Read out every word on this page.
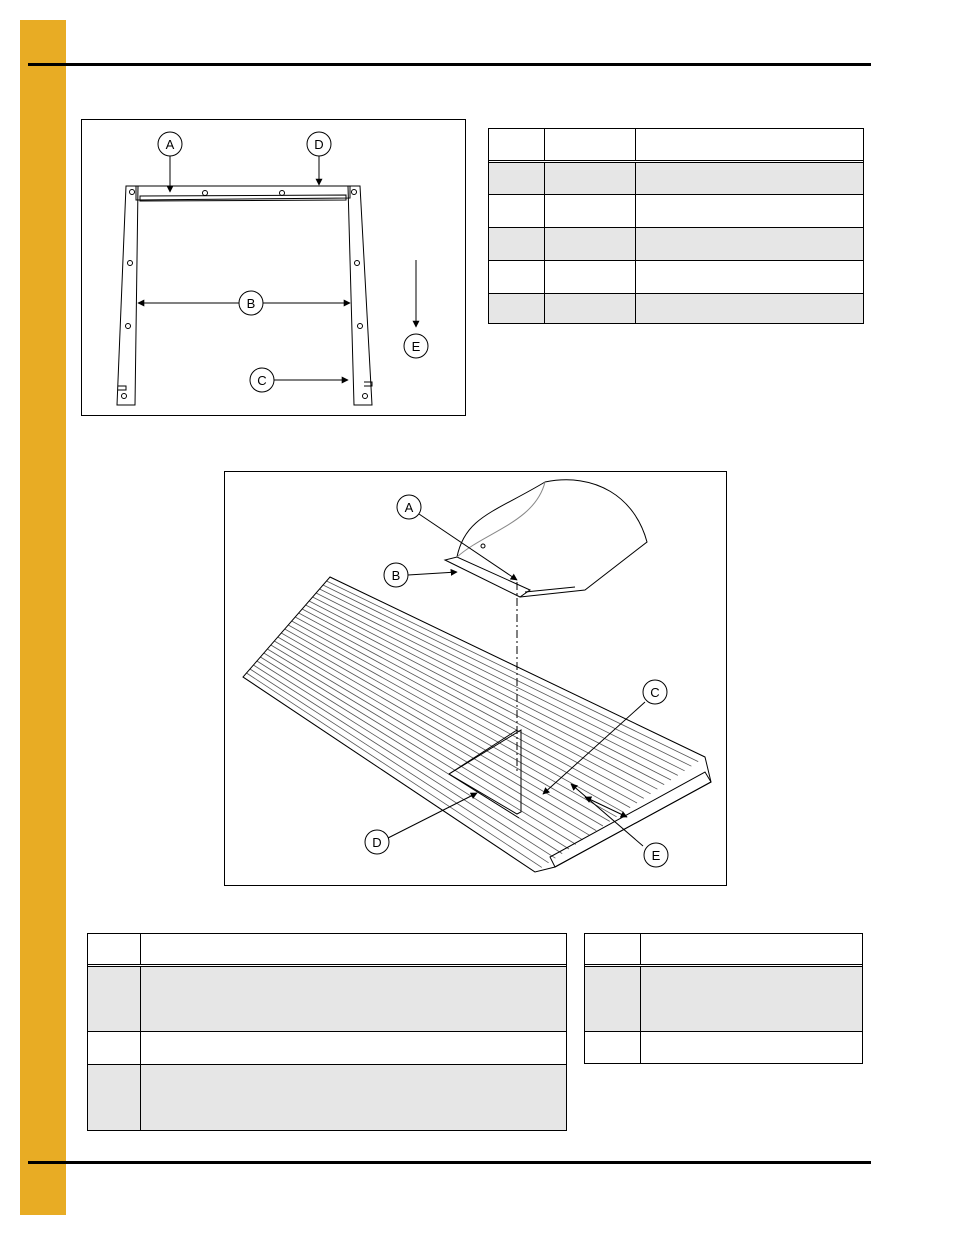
A	D
B
E
C
A
B
C
D
E
